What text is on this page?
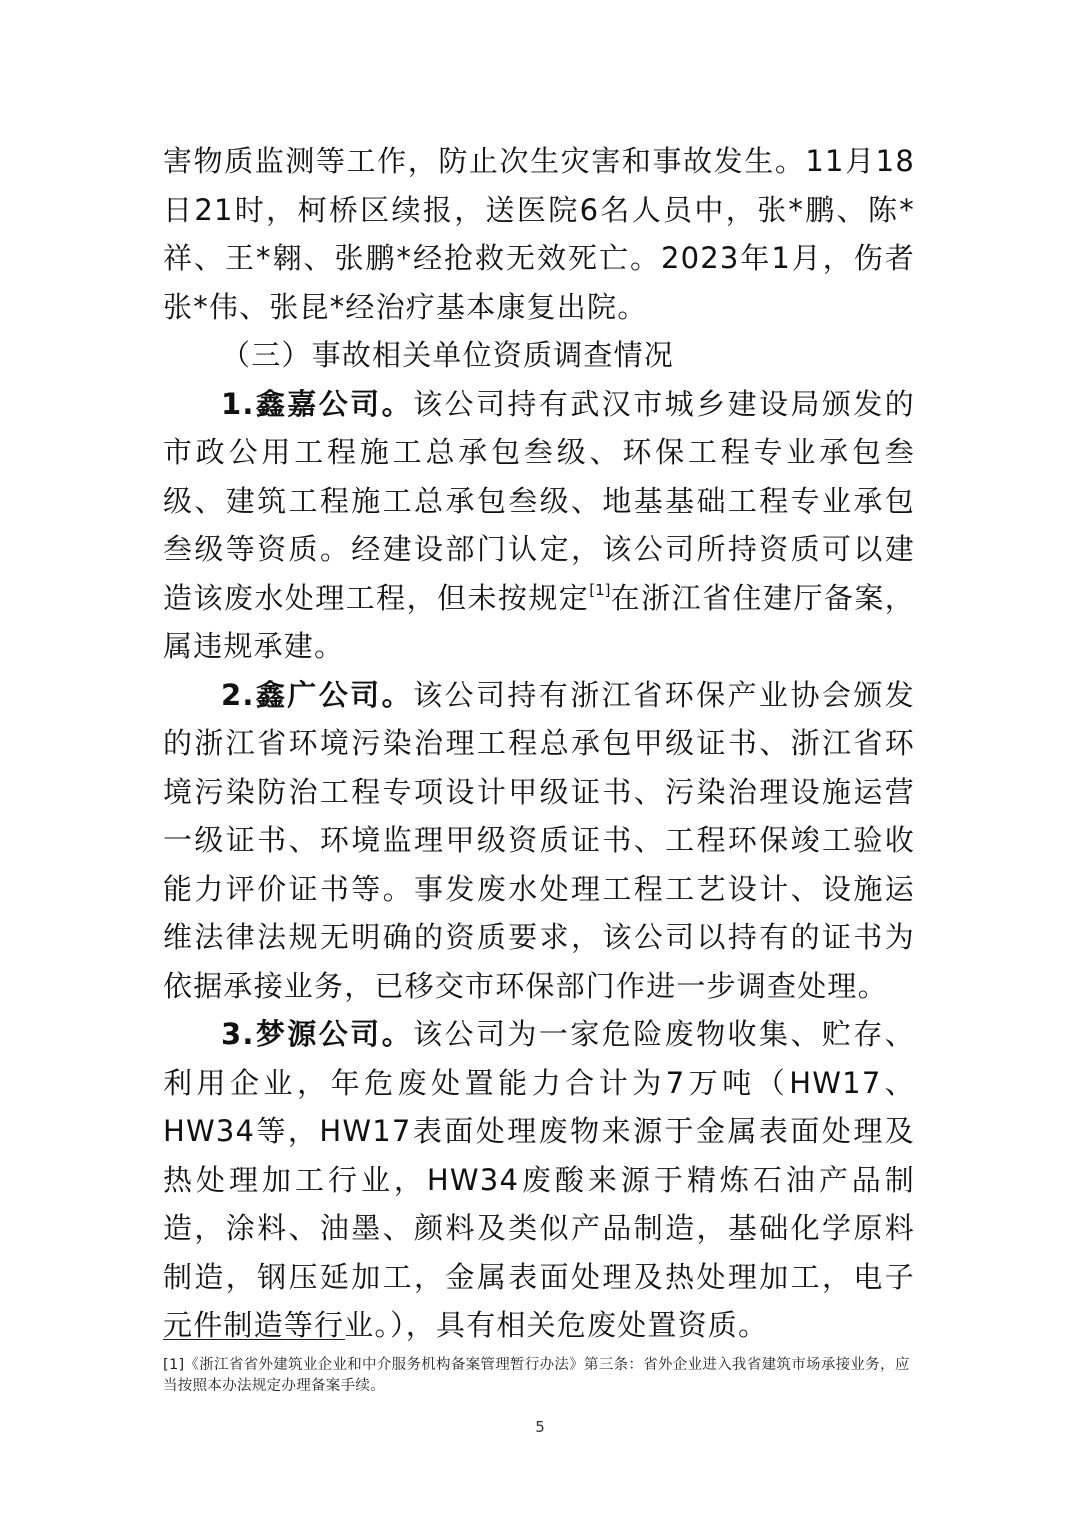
害物质监测等工作，防止次生灾害和事故发生。11月18日21时，柯桥区续报，送医院6名人员中，张*鹏、陈*祥、王*翱、张鹏*经抢救无效死亡。2023年1月，伤者张*伟、张昆*经治疗基本康复出院。

（三）事故相关单位资质调查情况

1.鑫嘉公司。该公司持有武汉市城乡建设局颁发的市政公用工程施工总承包叁级、环保工程专业承包叁级、建筑工程施工总承包叁级、地基基础工程专业承包叁级等资质。经建设部门认定，该公司所持资质可以建造该废水处理工程，但未按规定[1]在浙江省住建厅备案，属违规承建。

2.鑫广公司。该公司持有浙江省环保产业协会颁发的浙江省环境污染治理工程总承包甲级证书、浙江省环境污染防治工程专项设计甲级证书、污染治理设施运营一级证书、环境监理甲级资质证书、工程环保竣工验收能力评价证书等。事发废水处理工程工艺设计、设施运维法律法规无明确的资质要求，该公司以持有的证书为依据承接业务，已移交市环保部门作进一步调查处理。

3.梦源公司。该公司为一家危险废物收集、贮存、利用企业，年危废处置能力合计为7万吨（HW17、HW34等，HW17表面处理废物来源于金属表面处理及热处理加工行业，HW34废酸来源于精炼石油产品制造，涂料、油墨、颜料及类似产品制造，基础化学原料制造，钢压延加工，金属表面处理及热处理加工，电子元件制造等行业。），具有相关危废处置资质。

[1]《浙江省省外建筑业企业和中介服务机构备案管理暂行办法》第三条：省外企业进入我省建筑市场承接业务，应当按照本办法规定办理备案手续。
5
